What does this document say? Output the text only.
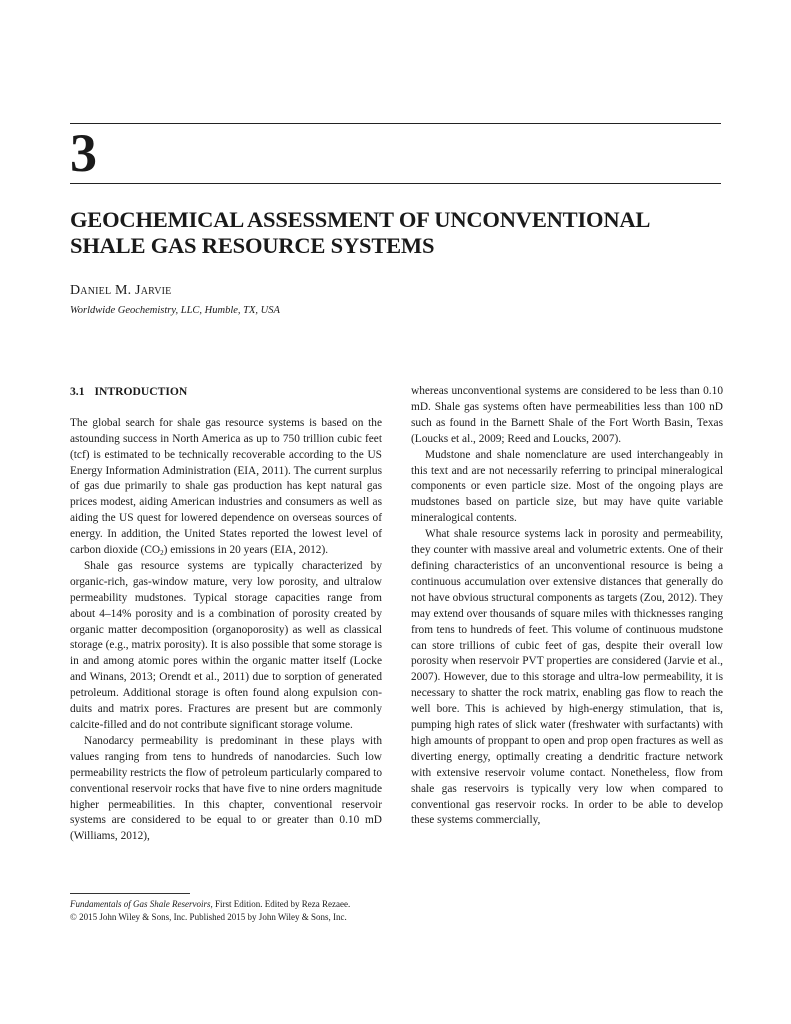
3
GEOCHEMICAL ASSESSMENT OF UNCONVENTIONAL
SHALE GAS RESOURCE SYSTEMS
Daniel M. Jarvie
Worldwide Geochemistry, LLC, Humble, TX, USA
3.1 INTRODUCTION

The global search for shale gas resource systems is based on the astounding success in North America as up to 750 trillion cubic feet (tcf) is estimated to be technically recoverable according to the US Energy Information Administration (EIA, 2011). The current surplus of gas due primarily to shale gas production has kept natural gas prices modest, aiding American industries and consumers as well as aiding the US quest for lowered dependence on overseas sources of energy. In addition, the United States reported the lowest level of carbon dioxide $(CO_2)$ emissions in 20 years (EIA, 2012).

Shale gas resource systems are typically characterized by organic-rich, gas-window mature, very low porosity, and ultralow permeability mudstones. Typical storage capacities range from about 4–14% porosity and is a combination of porosity created by organic matter decomposition (organoporosity) as well as classical storage (e.g., matrix porosity). It is also possible that some storage is in and among atomic pores within the organic matter itself (Locke and Winans, 2013; Orendt et al., 2011) due to sorption of generated petroleum. Additional storage is often found along expulsion conduits and matrix pores. Fractures are present but are commonly calcite-filled and do not contribute significant storage volume.

Nanodarcy permeability is predominant in these plays with values ranging from tens to hundreds of nanodarcies. Such low permeability restricts the flow of petroleum particularly compared to conventional reservoir rocks that have five to nine orders magnitude higher permeabilities. In this chapter, conventional reservoir systems are considered to be equal to or greater than 0.10 mD (Williams, 2012),

whereas unconventional systems are considered to be less than 0.10 mD. Shale gas systems often have permeabilities less than 100 nD such as found in the Barnett Shale of the Fort Worth Basin, Texas (Loucks et al., 2009; Reed and Loucks, 2007).

Mudstone and shale nomenclature are used interchangeably in this text and are not necessarily referring to principal mineralogical components or even particle size. Most of the ongoing plays are mudstones based on particle size, but may have quite variable mineralogical contents.

What shale resource systems lack in porosity and permeability, they counter with massive areal and volumetric extents. One of their defining characteristics of an unconventional resource is being a continuous accumulation over extensive distances that generally do not have obvious structural components as targets (Zou, 2012). They may extend over thousands of square miles with thicknesses ranging from tens to hundreds of feet. This volume of continuous mudstone can store trillions of cubic feet of gas, despite their overall low porosity when reservoir PVT properties are considered (Jarvie et al., 2007). However, due to this storage and ultra-low permeability, it is necessary to shatter the rock matrix, enabling gas flow to reach the well bore. This is achieved by high-energy stimulation, that is, pumping high rates of slick water (freshwater with surfactants) with high amounts of proppant to open and prop open fractures as well as diverting energy, optimally creating a dendritic fracture network with extensive reservoir volume contact. Nonetheless, flow from shale gas reservoirs is typically very low when compared to conventional gas reservoir rocks. In order to be able to develop these systems commercially,

Fundamentals of Gas Shale Reservoirs, First Edition. Edited by Reza Rezaee.
© 2015 John Wiley & Sons, Inc. Published 2015 by John Wiley & Sons, Inc.
